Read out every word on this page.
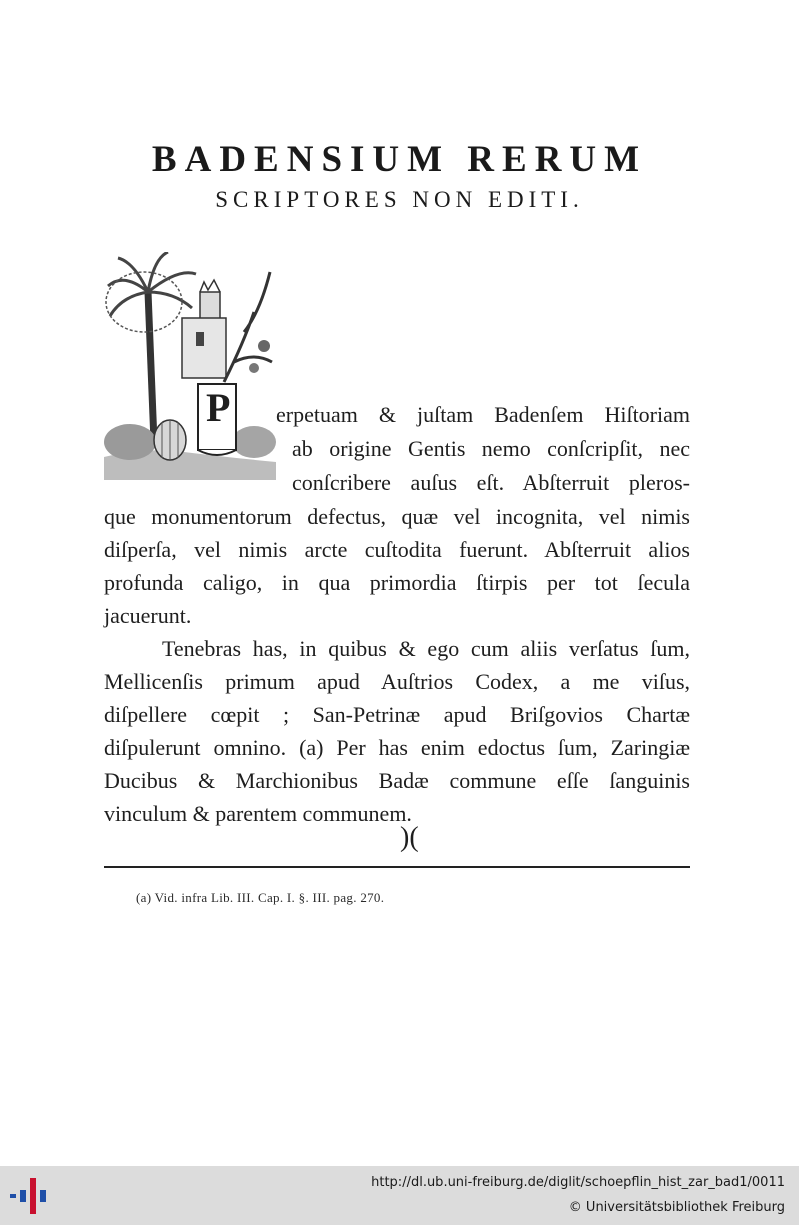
BADENSIUM RERUM
SCRIPTORES NON EDITI.
P erpetuam & juſtam Badenſem Hiſtoriam
ab origine Gentis nemo conſcripſit, nec
conſcribere auſus eſt. Abſterruit pleros-
que monumentorum defectus, quæ vel incognita, vel nimis
diſperſa, vel nimis arcte cuſtodita fuerunt. Abſterruit alios
profunda caligo, in qua primordia ſtirpis per tot ſecula
jacuerunt.
Tenebras has, in quibus & ego cum aliis verſatus ſum,
Mellicenſis primum apud Auſtrios Codex, a me viſus,
diſpellere cœpit ; San-Petrinæ apud Briſgovios Chartæ
diſpulerunt omnino. (a) Per has enim edoctus ſum, Zaringiæ
Ducibus & Marchionibus Badæ commune eſſe ſanguinis
vinculum & parentem communem.
)(
(a) Vid. infra Lib. III. Cap. I. §. III. pag. 270.
http://dl.ub.uni-freiburg.de/diglit/schoepflin_hist_zar_bad1/0011
© Universitätsbibliothek Freiburg
